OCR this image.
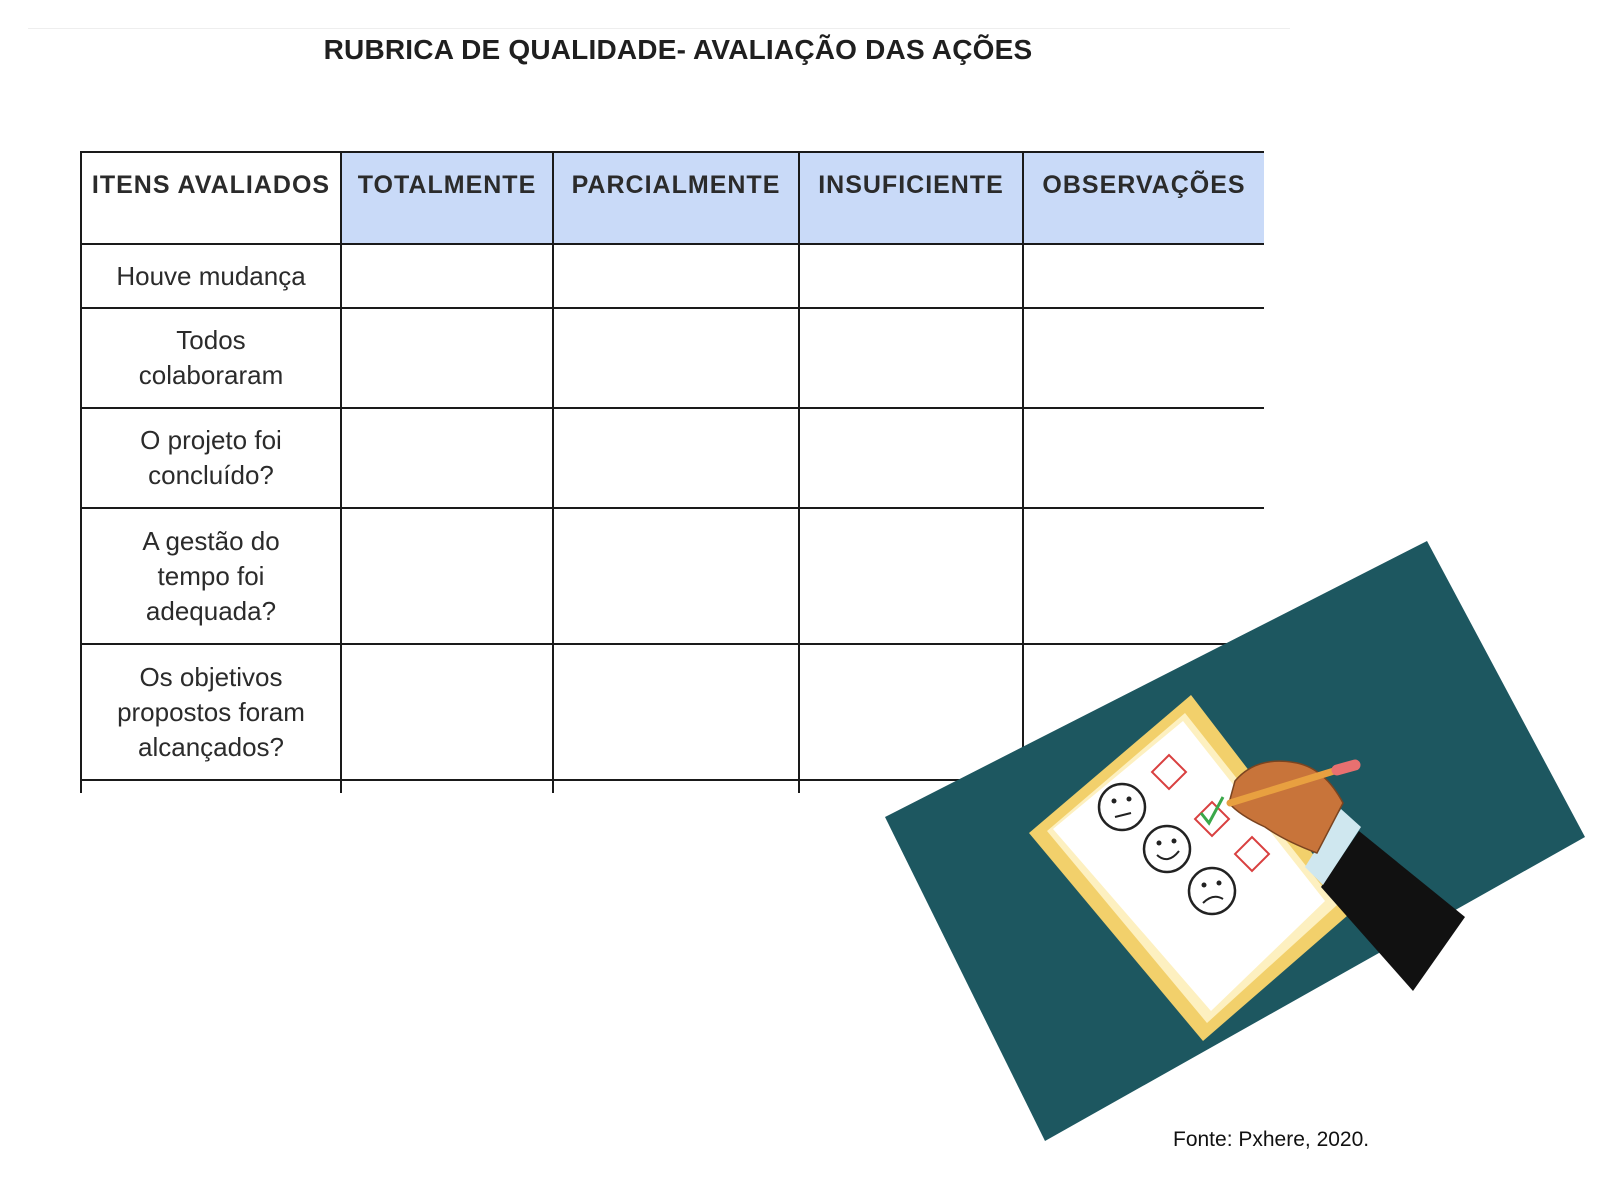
RUBRICA DE QUALIDADE- AVALIAÇÃO DAS AÇÕES
ITENS AVALIADOS	TOTALMENTE	PARCIALMENTE	INSUFICIENTE	OBSERVAÇÕES
Houve mudança				
Todos colaboraram				
O projeto foi concluído?				
A gestão do tempo foi adequada?				
Os objetivos propostos foram alcançados?				

Fonte: Pxhere, 2020.
